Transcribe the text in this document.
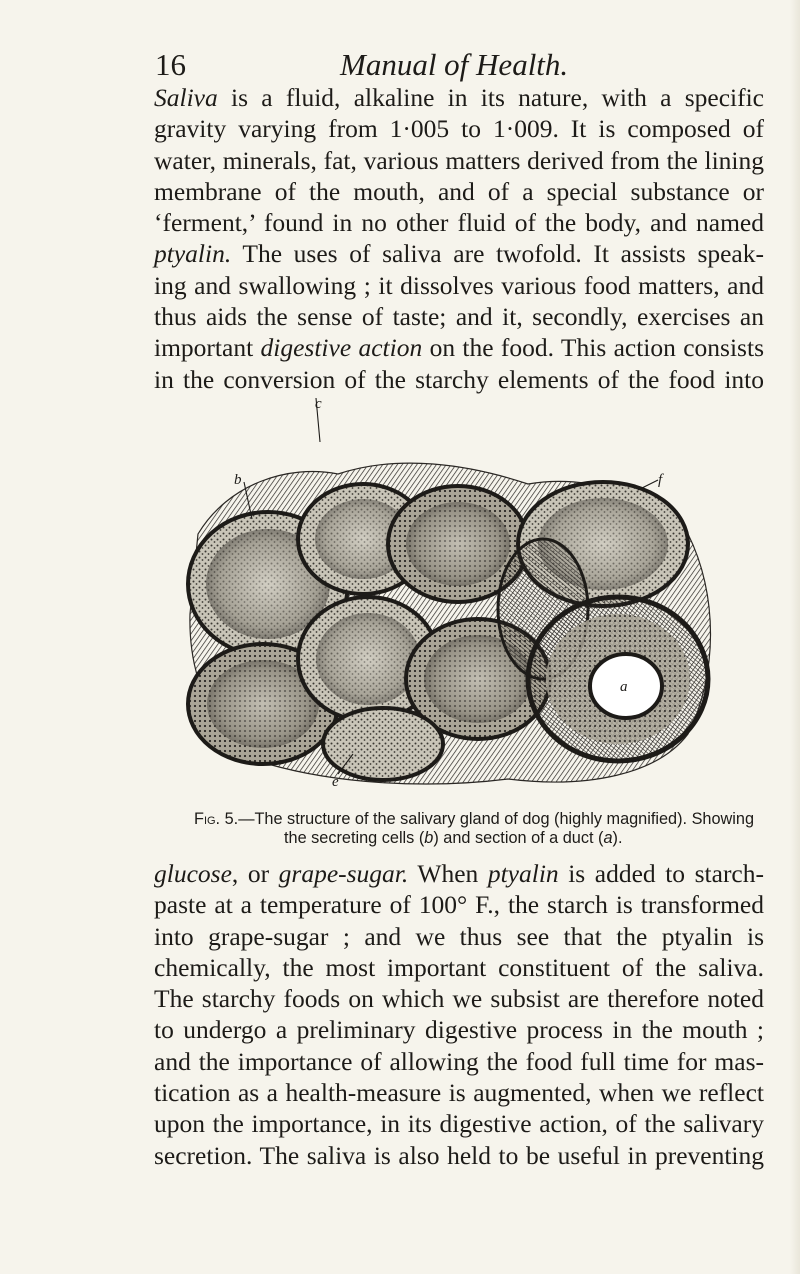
16	Manual of Health.
Saliva is a fluid, alkaline in its nature, with a specific
gravity varying from 1·005 to 1·009. It is composed of
water, minerals, fat, various matters derived from the lining
membrane of the mouth, and of a special substance or
‘ferment,’ found in no other fluid of the body, and named
ptyalin. The uses of saliva are twofold. It assists speak-
ing and swallowing ; it dissolves various food matters, and
thus aids the sense of taste; and it, secondly, exercises an
important digestive action on the food. This action consists
in the conversion of the starchy elements of the food into
c
b	f
a
e
Fig. 5.—The structure of the salivary gland of dog (highly magnified). Showing
the secreting cells (b) and section of a duct (a).
glucose, or grape-sugar. When ptyalin is added to starch-
paste at a temperature of 100° F., the starch is transformed
into grape-sugar ; and we thus see that the ptyalin is
chemically, the most important constituent of the saliva.
The starchy foods on which we subsist are therefore noted
to undergo a preliminary digestive process in the mouth ;
and the importance of allowing the food full time for mas-
tication as a health-measure is augmented, when we reflect
upon the importance, in its digestive action, of the salivary
secretion. The saliva is also held to be useful in preventing
